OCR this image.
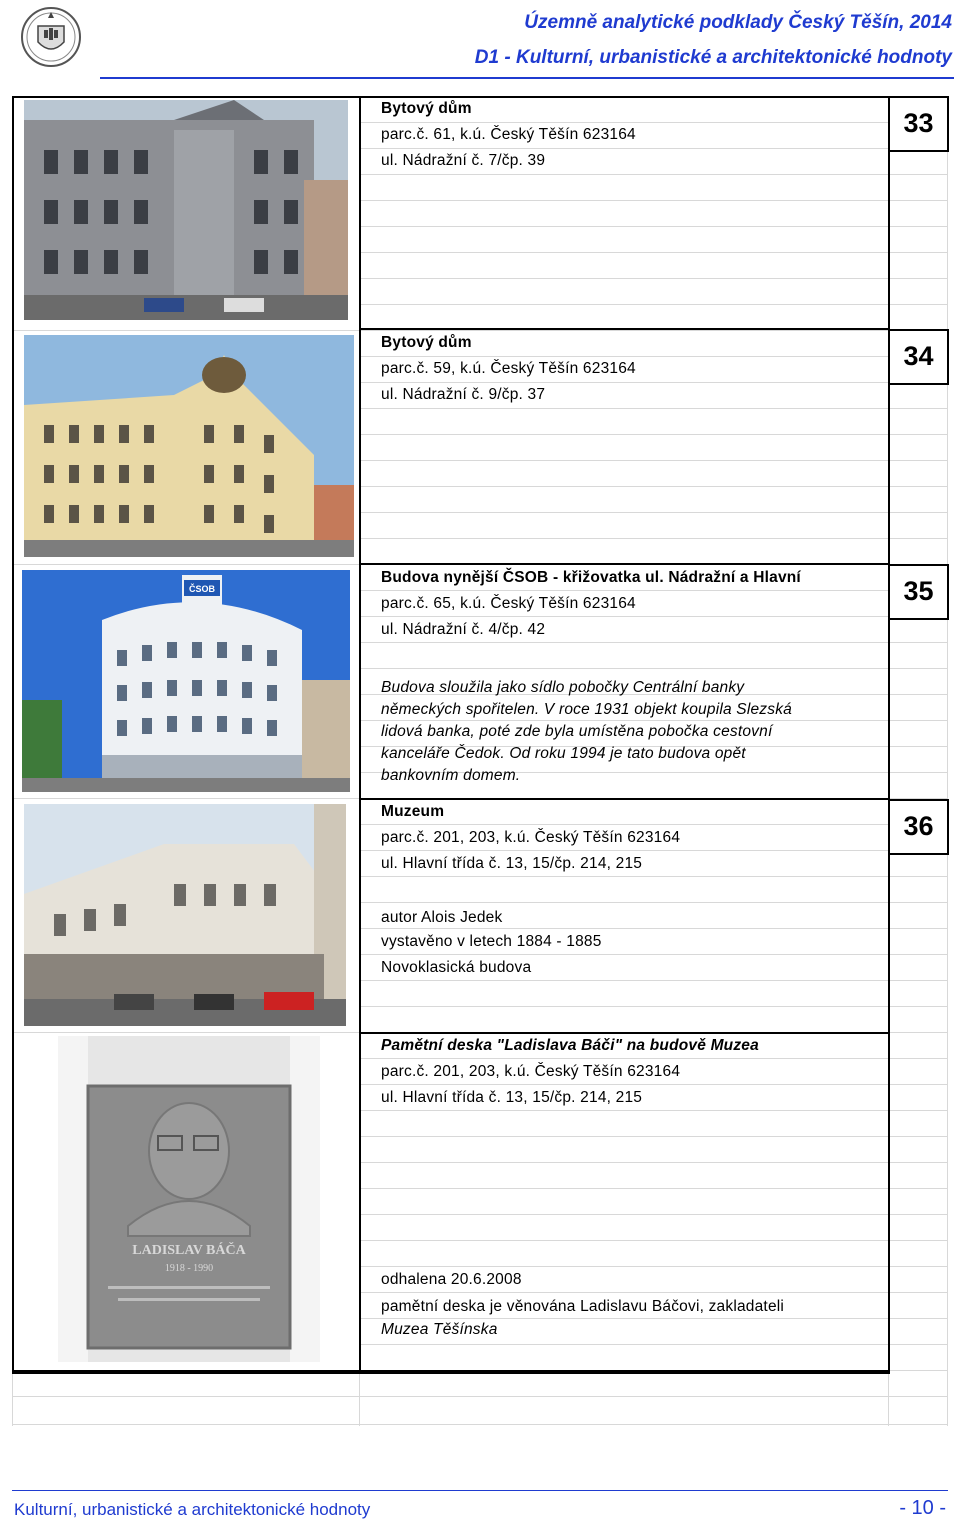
Územně analytické podklady Český Těšín, 2014
D1 - Kulturní, urbanistické a architektonické hodnoty
33
34
35
36
ČSOB
LADISLAV BÁČA
1918 - 1990
Bytový dům
parc.č. 61, k.ú. Český Těšín 623164
ul. Nádražní č. 7/čp. 39
Bytový dům
parc.č. 59, k.ú. Český Těšín 623164
ul. Nádražní č. 9/čp. 37
Budova nynější ČSOB - křižovatka ul. Nádražní a Hlavní
parc.č. 65, k.ú. Český Těšín 623164
ul. Nádražní č. 4/čp. 42
Budova sloužila jako sídlo pobočky Centrální banky
německých spořitelen. V roce 1931 objekt koupila Slezská
lidová banka, poté zde byla umístěna pobočka cestovní
kanceláře Čedok. Od roku 1994 je tato budova opět
bankovním domem.
Muzeum
parc.č. 201, 203, k.ú. Český Těšín 623164
ul. Hlavní třída č. 13, 15/čp. 214, 215
autor Alois Jedek
vystavěno v letech 1884 - 1885
Novoklasická budova
Pamětní deska "Ladislava Báči" na budově Muzea
parc.č. 201, 203, k.ú. Český Těšín 623164
ul. Hlavní třída č. 13, 15/čp. 214, 215
odhalena 20.6.2008
pamětní deska je věnována Ladislavu Báčovi, zakladateli
Muzea Těšínska
Kulturní, urbanistické a architektonické hodnoty	- 10 -
